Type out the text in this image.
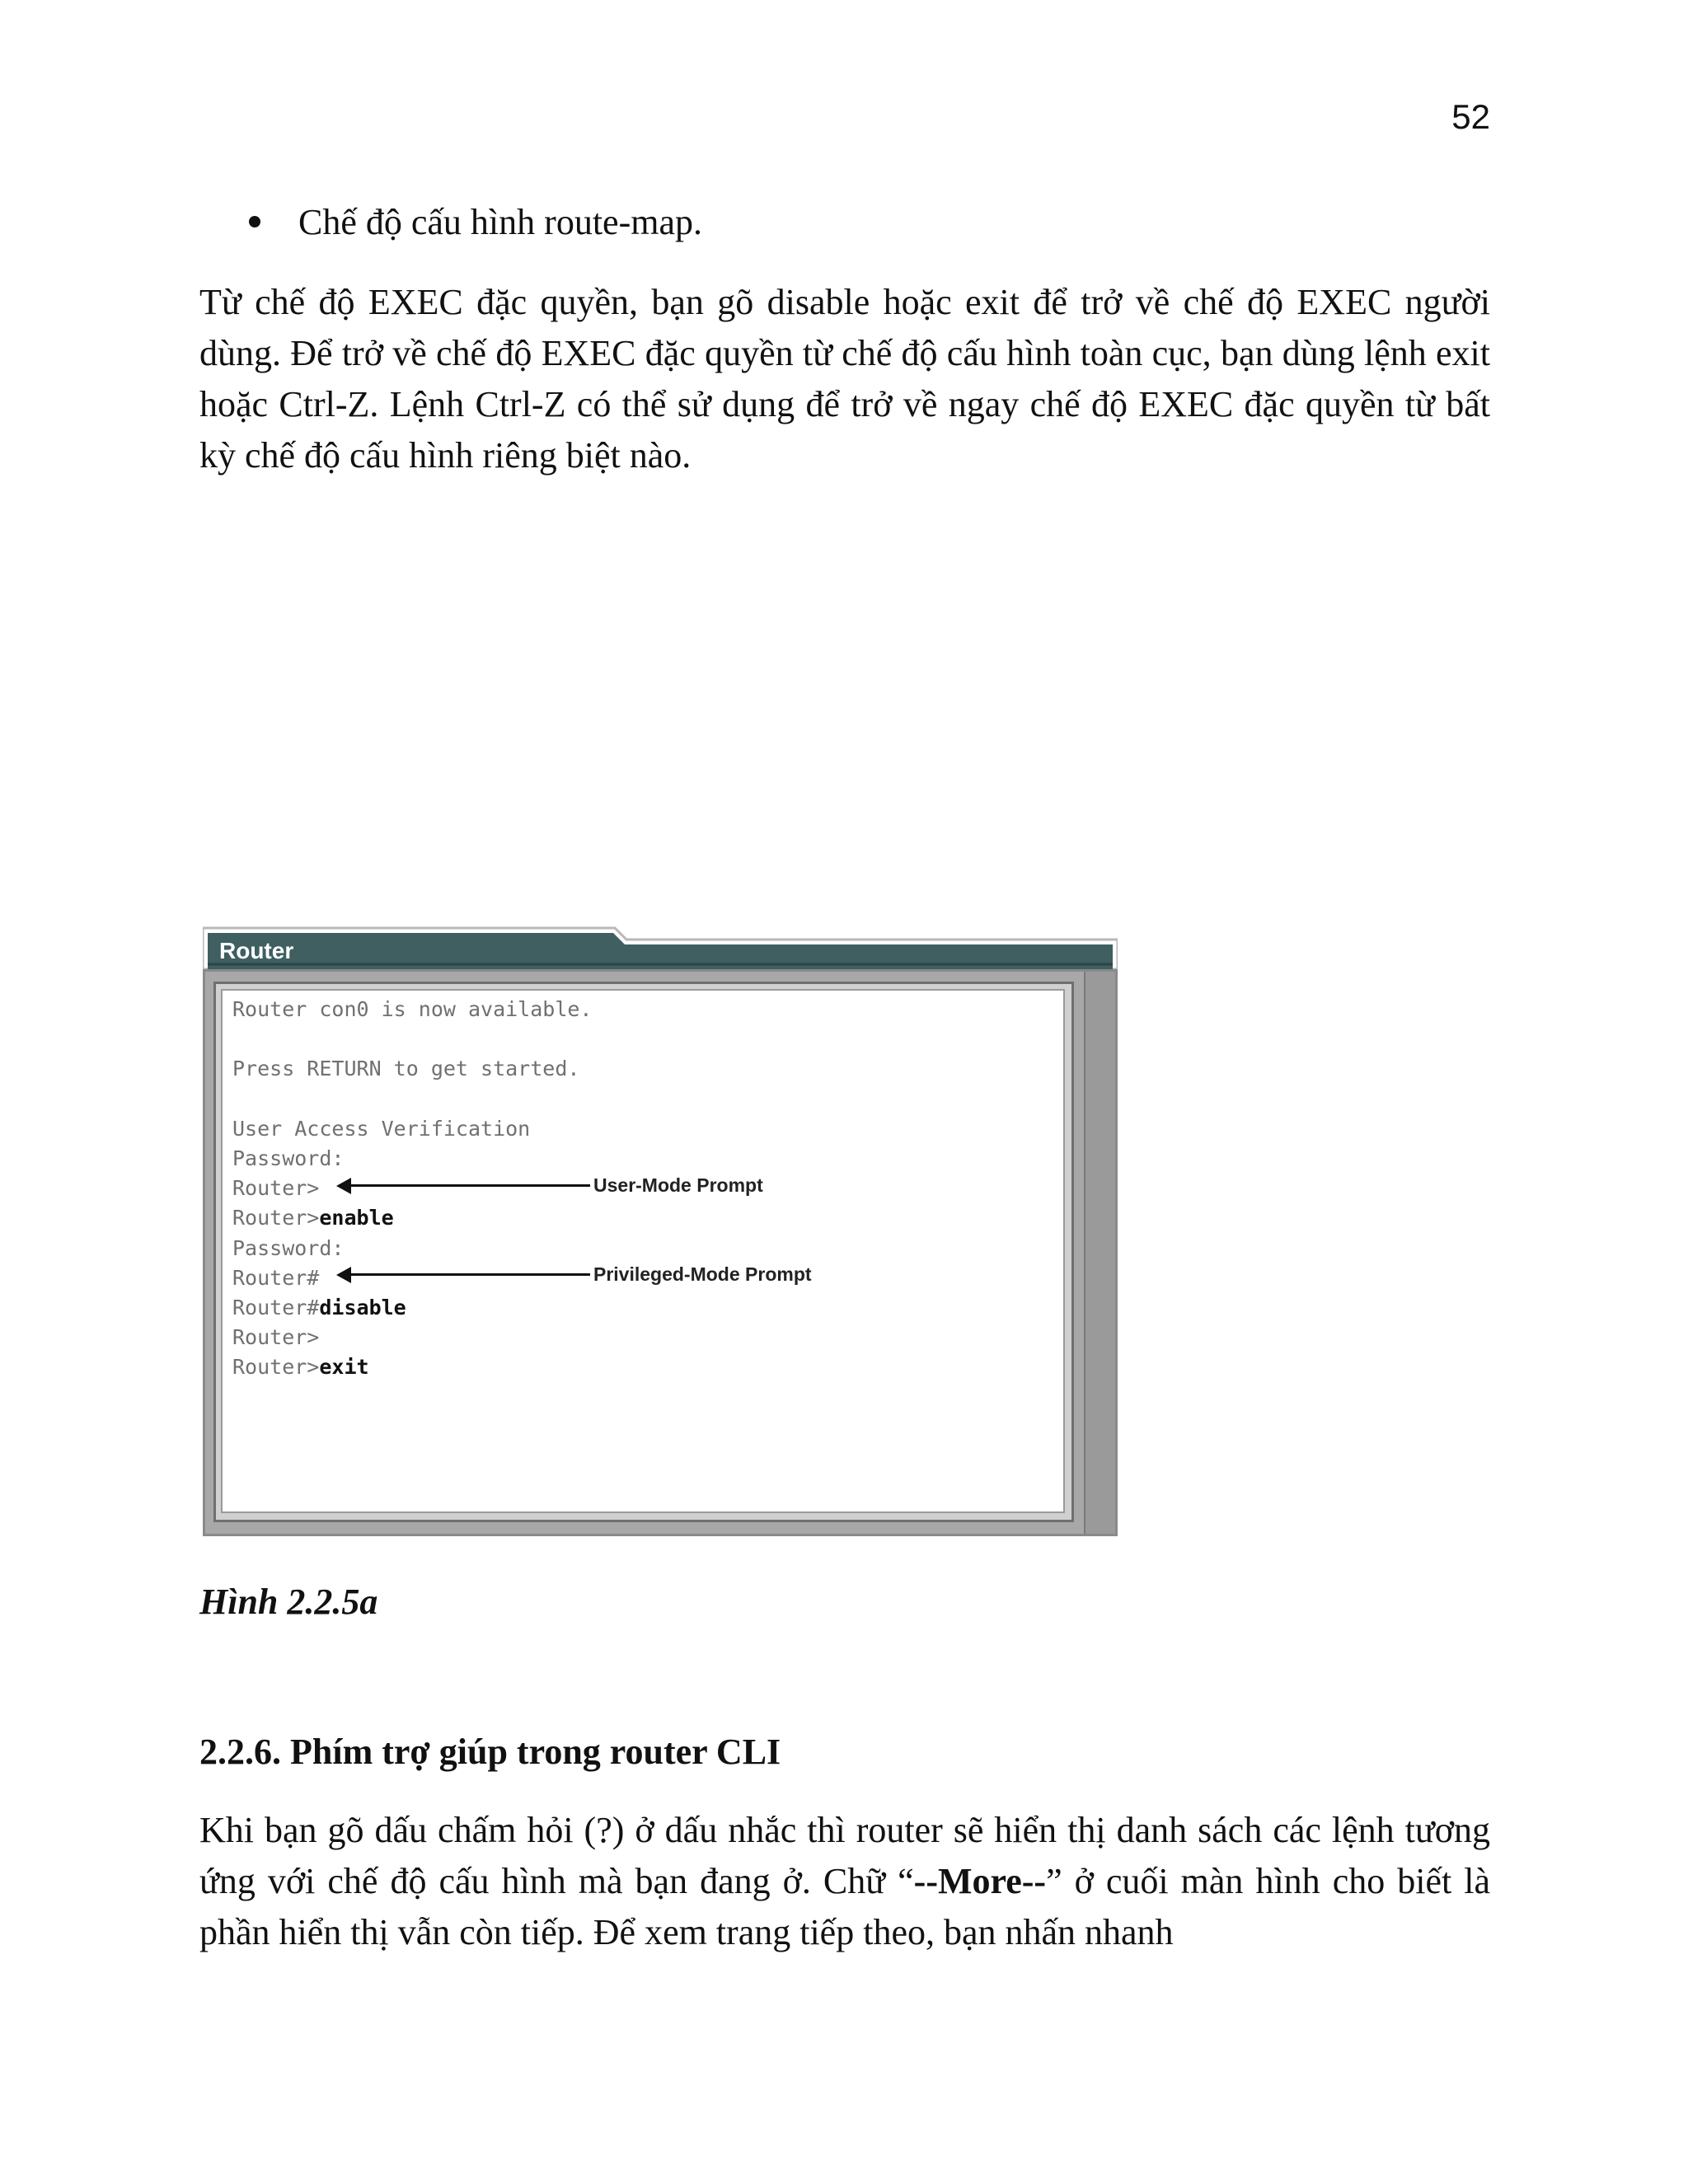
52
Chế độ cấu hình route-map.
Từ chế độ EXEC đặc quyền, bạn gõ disable hoặc exit để trở về chế độ EXEC người dùng. Để trở về chế độ EXEC đặc quyền từ chế độ cấu hình toàn cục, bạn dùng lệnh exit hoặc Ctrl-Z. Lệnh Ctrl-Z có thể sử dụng để trở về ngay chế độ EXEC đặc quyền từ bất kỳ chế độ cấu hình riêng biệt nào.
Router
Router con0 is now available.
Press RETURN to get started.
User Access Verification
Password:
Router>
Router>enable
Password:
Router#
Router#disable
Router>
Router>exit
User-Mode Prompt
Privileged-Mode Prompt
Hình 2.2.5a
2.2.6. Phím trợ giúp trong router CLI
Khi bạn gõ dấu chấm hỏi (?) ở dấu nhắc thì router sẽ hiển thị danh sách các lệnh tương ứng với chế độ cấu hình mà bạn đang ở. Chữ “--More--” ở cuối màn hình cho biết là phần hiển thị vẫn còn tiếp. Để xem trang tiếp theo, bạn nhấn nhanh
